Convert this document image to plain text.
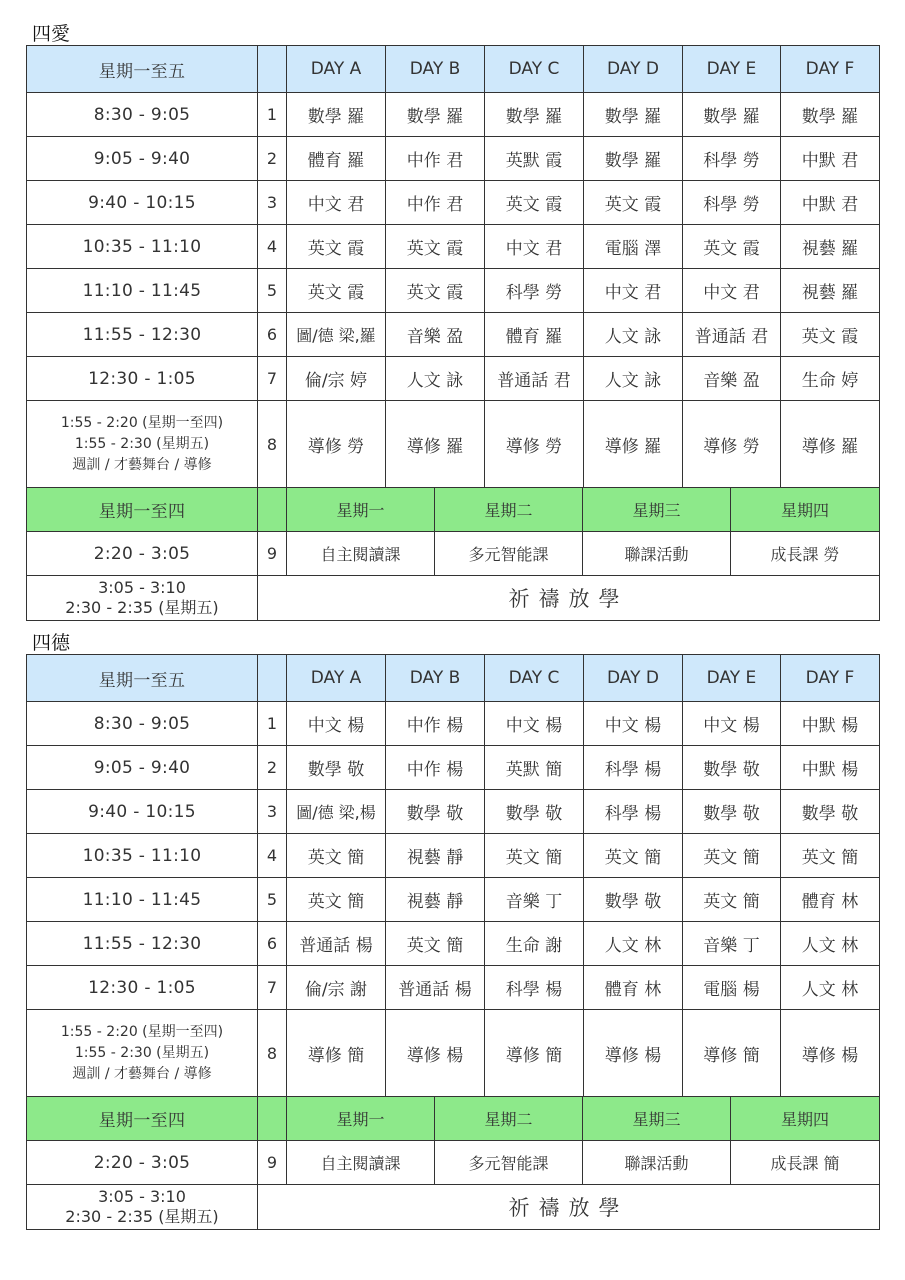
四愛
星期一至五		DAY A	DAY B	DAY C	DAY D	DAY E	DAY F
8:30 - 9:05	1	數學 羅	數學 羅	數學 羅	數學 羅	數學 羅	數學 羅
9:05 - 9:40	2	體育 羅	中作 君	英默 霞	數學 羅	科學 勞	中默 君
9:40 - 10:15	3	中文 君	中作 君	英文 霞	英文 霞	科學 勞	中默 君
10:35 - 11:10	4	英文 霞	英文 霞	中文 君	電腦 澤	英文 霞	視藝 羅
11:10 - 11:45	5	英文 霞	英文 霞	科學 勞	中文 君	中文 君	視藝 羅
11:55 - 12:30	6	圖/德 梁,羅	音樂 盈	體育 羅	人文 詠	普通話 君	英文 霞
12:30 - 1:05	7	倫/宗 婷	人文 詠	普通話 君	人文 詠	音樂 盈	生命 婷

1:55 - 2:20 (星期一至四)
1:55 - 2:30 (星期五)
週訓 / 才藝舞台 / 導修	8	導修 勞	導修 羅	導修 勞	導修 羅	導修 勞	導修 羅
星期一至四		星期一	星期二	星期三	星期四
2:20 - 3:05	9	自主閱讀課	多元智能課	聯課活動	成長課 勞

3:05 - 3:10
2:30 - 2:35 (星期五)	祈禱放學				
四德
星期一至五		DAY A	DAY B	DAY C	DAY D	DAY E	DAY F
8:30 - 9:05	1	中文 楊	中作 楊	中文 楊	中文 楊	中文 楊	中默 楊
9:05 - 9:40	2	數學 敬	中作 楊	英默 簡	科學 楊	數學 敬	中默 楊
9:40 - 10:15	3	圖/德 梁,楊	數學 敬	數學 敬	科學 楊	數學 敬	數學 敬
10:35 - 11:10	4	英文 簡	視藝 靜	英文 簡	英文 簡	英文 簡	英文 簡
11:10 - 11:45	5	英文 簡	視藝 靜	音樂 丁	數學 敬	英文 簡	體育 林
11:55 - 12:30	6	普通話 楊	英文 簡	生命 謝	人文 林	音樂 丁	人文 林
12:30 - 1:05	7	倫/宗 謝	普通話 楊	科學 楊	體育 林	電腦 楊	人文 林

1:55 - 2:20 (星期一至四)
1:55 - 2:30 (星期五)
週訓 / 才藝舞台 / 導修	8	導修 簡	導修 楊	導修 簡	導修 楊	導修 簡	導修 楊
星期一至四		星期一	星期二	星期三	星期四
2:20 - 3:05	9	自主閱讀課	多元智能課	聯課活動	成長課 簡

3:05 - 3:10
2:30 - 2:35 (星期五)	祈禱放學				
